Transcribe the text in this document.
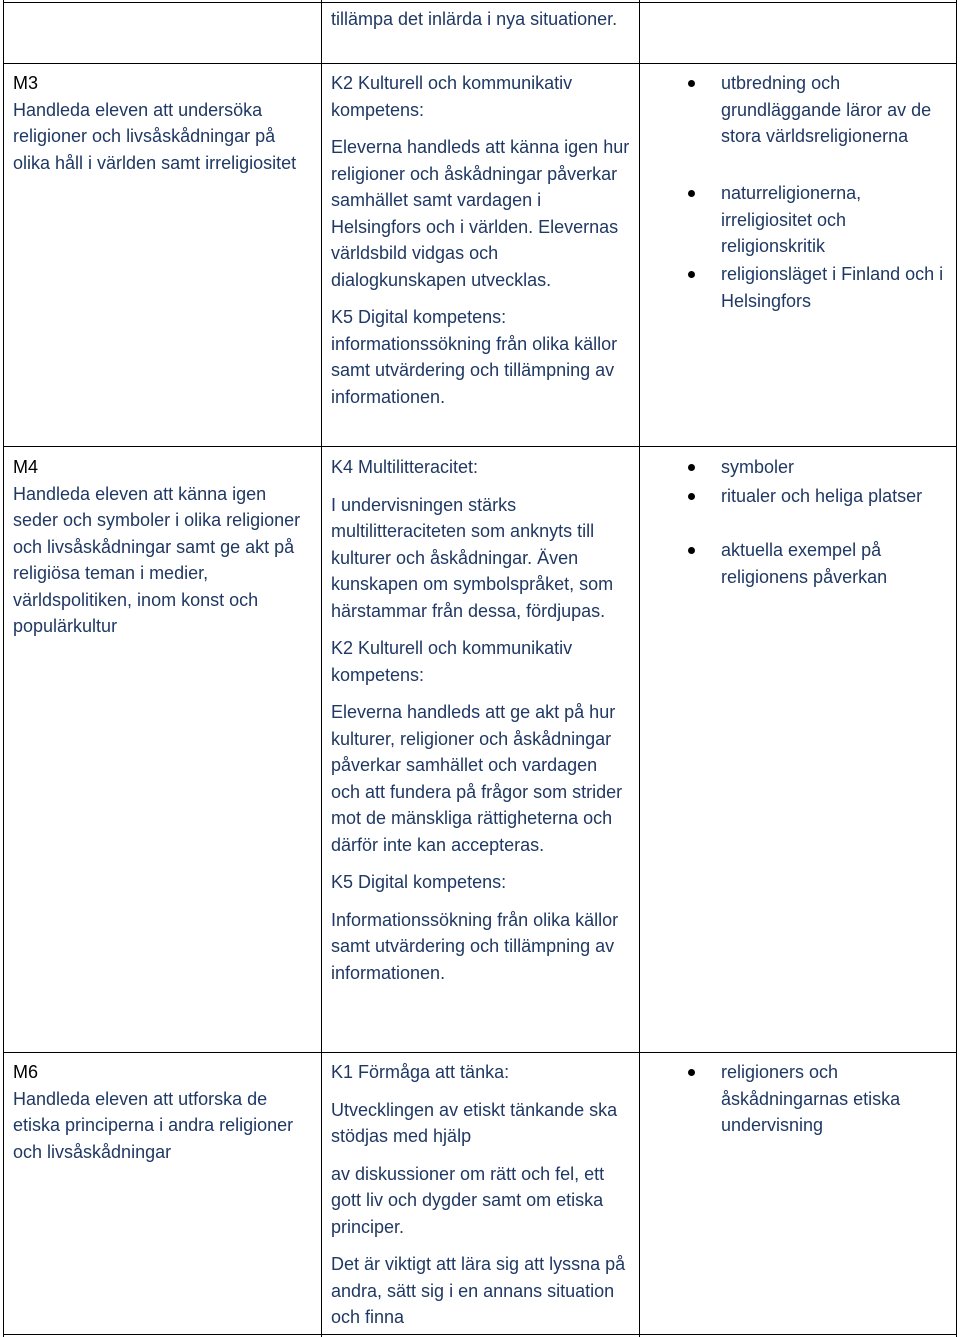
tillämpa det inlärda i nya situationer.
M3
Handleda eleven att undersöka religioner och livsåskådningar på olika håll i världen samt irreligiositet
K2 Kulturell och kommunikativ kompetens:
Eleverna handleds att känna igen hur religioner och åskådningar påverkar samhället samt vardagen i Helsingfors och i världen. Elevernas världsbild vidgas och dialogkunskapen utvecklas.
K5 Digital kompetens:
informationssökning från olika källor samt utvärdering och tillämpning av informationen.
utbredning och grundläggande läror av de stora världsreligionerna
naturreligionerna, irreligiositet och religionskritik
religionsläget i Finland och i Helsingfors
M4
Handleda eleven att känna igen seder och symboler i olika religioner och livsåskådningar samt ge akt på religiösa teman i medier, världspolitiken, inom konst och populärkultur
K4 Multilitteracitet:
I undervisningen stärks multilitteraciteten som anknyts till kulturer och åskådningar. Även kunskapen om symbolspråket, som härstammar från dessa, fördjupas.
K2 Kulturell och kommunikativ kompetens:
Eleverna handleds att ge akt på hur kulturer, religioner och åskådningar påverkar samhället och vardagen och att fundera på frågor som strider mot de mänskliga rättigheterna och därför inte kan accepteras.
K5 Digital kompetens:
Informationssökning från olika källor samt utvärdering och tillämpning av informationen.
symboler
ritualer och heliga platser
aktuella exempel på religionens påverkan
M6
Handleda eleven att utforska de etiska principerna i andra religioner och livsåskådningar
K1 Förmåga att tänka:
Utvecklingen av etiskt tänkande ska stödjas med hjälp
av diskussioner om rätt och fel, ett gott liv och dygder samt om etiska principer.
Det är viktigt att lära sig att lyssna på andra, sätt sig i en annans situation och finna
religioners och åskådningarnas etiska undervisning
